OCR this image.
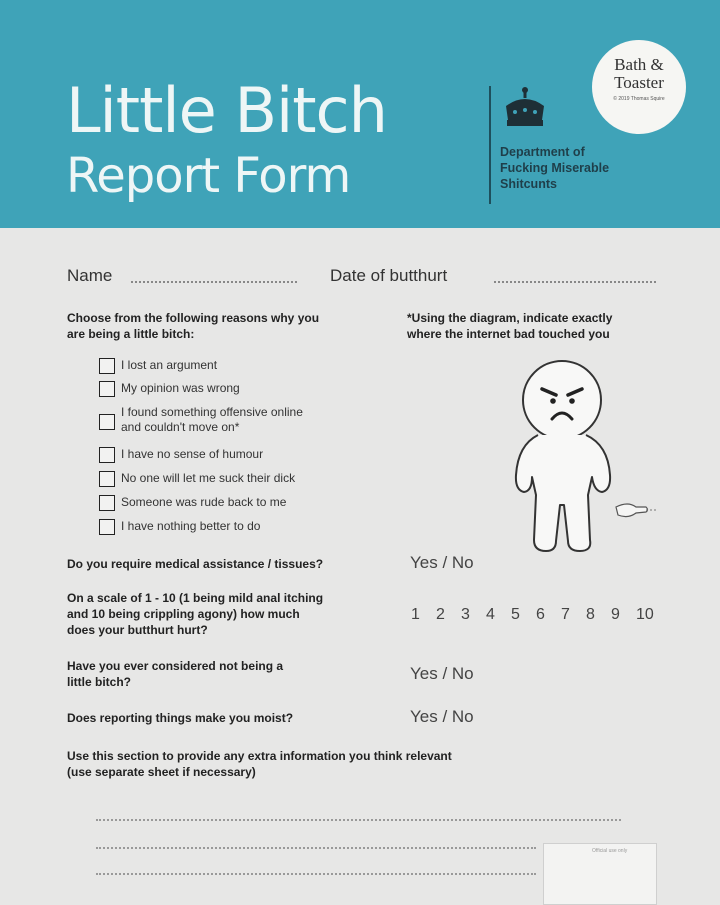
Little Bitch
Report Form	Department of
Fucking Miserable
Shitcunts
Bath &
Toaster
© 2019 Thomas Squire
Name	Date of butthurt
Choose from the following reasons why you
are being a little bitch:
*Using the diagram, indicate exactly
where the internet bad touched you
I lost an argument
My opinion was wrong
I found something offensive online
and couldn't move on*
I have no sense of humour
No one will let me suck their dick
Someone was rude back to me
I have nothing better to do
Do you require medical assistance / tissues?	Yes / No
On a scale of 1 - 10 (1 being mild anal itching
and 10 being crippling agony) how much
does your butthurt hurt?
1 2 3 4 5 6 7 8 9 10
Have you ever considered not being a
little bitch?	Yes / No
Does reporting things make you moist?	Yes / No
Use this section to provide any extra information you think relevant
(use separate sheet if necessary)
Official use only
